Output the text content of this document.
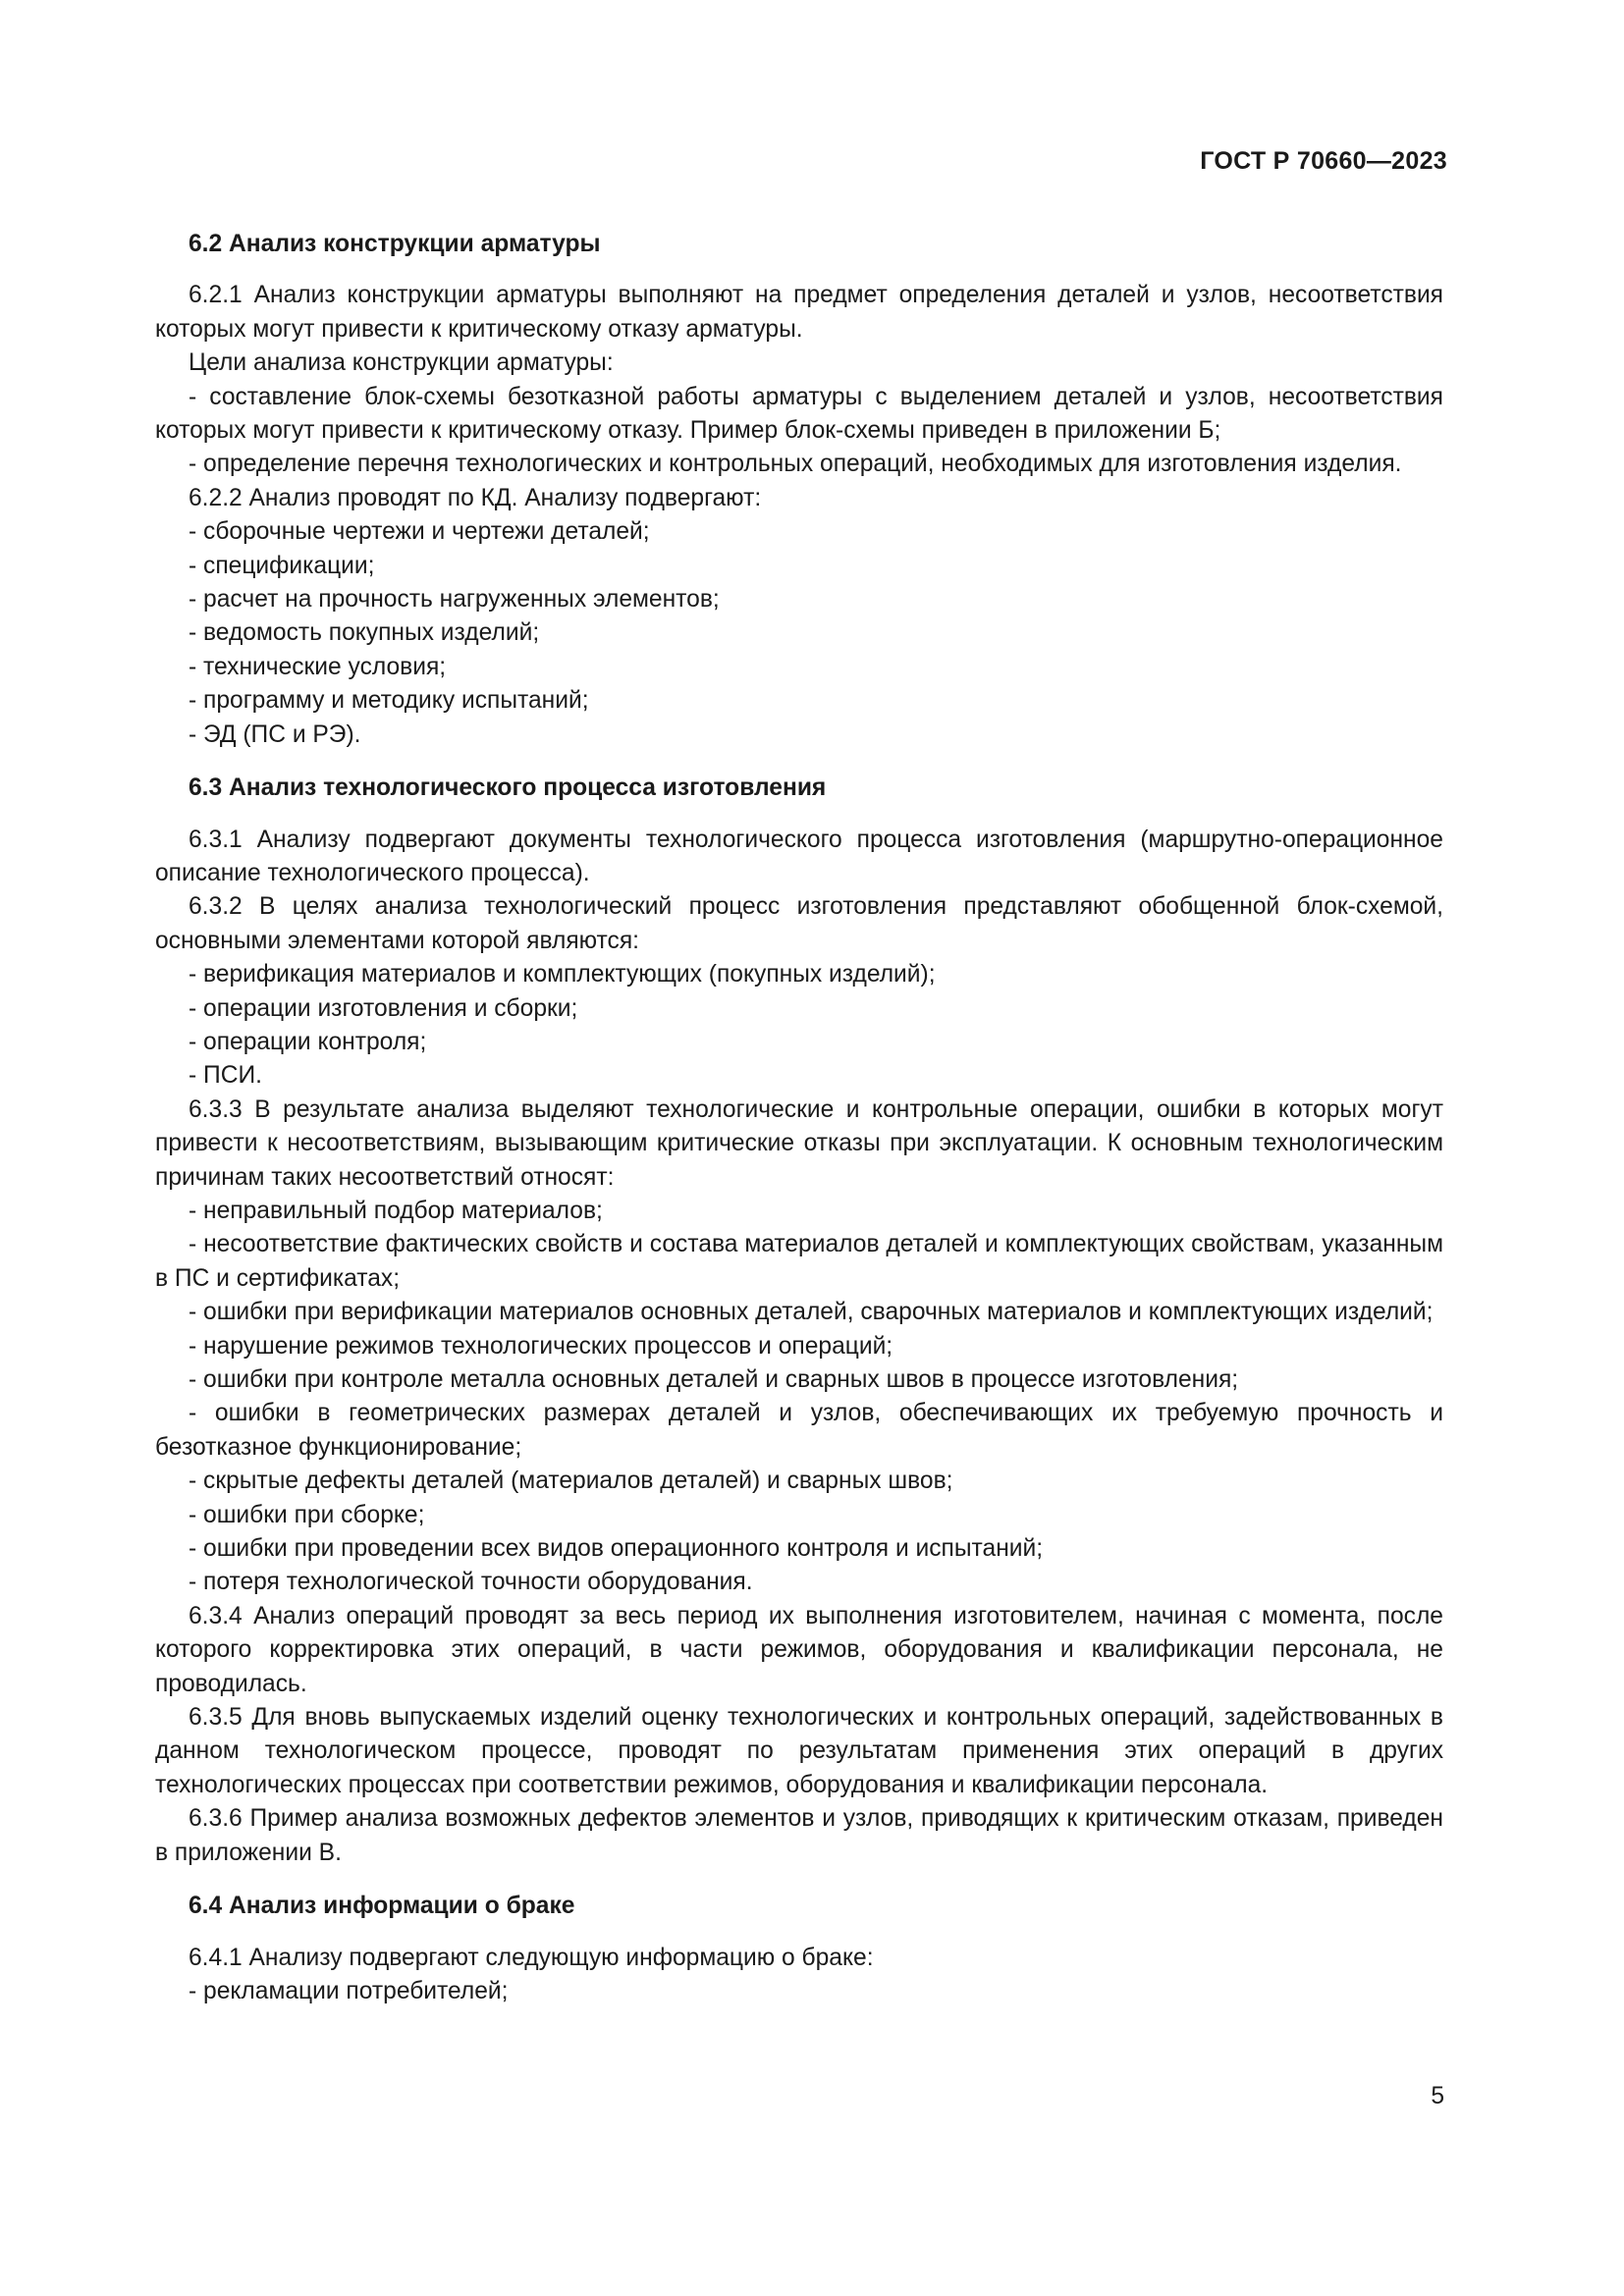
ГОСТ Р 70660—2023
6.2 Анализ конструкции арматуры

6.2.1 Анализ конструкции арматуры выполняют на предмет определения деталей и узлов, несоответствия которых могут привести к критическому отказу арматуры.

Цели анализа конструкции арматуры:

- составление блок-схемы безотказной работы арматуры с выделением деталей и узлов, несоответствия которых могут привести к критическому отказу. Пример блок-схемы приведен в приложении Б;

- определение перечня технологических и контрольных операций, необходимых для изготовления изделия.

6.2.2 Анализ проводят по КД. Анализу подвергают:

- сборочные чертежи и чертежи деталей;

- спецификации;

- расчет на прочность нагруженных элементов;

- ведомость покупных изделий;

- технические условия;

- программу и методику испытаний;

- ЭД (ПС и РЭ).

6.3 Анализ технологического процесса изготовления

6.3.1 Анализу подвергают документы технологического процесса изготовления (маршрутно-операционное описание технологического процесса).

6.3.2 В целях анализа технологический процесс изготовления представляют обобщенной блок-схемой, основными элементами которой являются:

- верификация материалов и комплектующих (покупных изделий);

- операции изготовления и сборки;

- операции контроля;

- ПСИ.

6.3.3 В результате анализа выделяют технологические и контрольные операции, ошибки в которых могут привести к несоответствиям, вызывающим критические отказы при эксплуатации. К основным технологическим причинам таких несоответствий относят:

- неправильный подбор материалов;

- несоответствие фактических свойств и состава материалов деталей и комплектующих свойствам, указанным в ПС и сертификатах;

- ошибки при верификации материалов основных деталей, сварочных материалов и комплектующих изделий;

- нарушение режимов технологических процессов и операций;

- ошибки при контроле металла основных деталей и сварных швов в процессе изготовления;

- ошибки в геометрических размерах деталей и узлов, обеспечивающих их требуемую прочность и безотказное функционирование;

- скрытые дефекты деталей (материалов деталей) и сварных швов;

- ошибки при сборке;

- ошибки при проведении всех видов операционного контроля и испытаний;

- потеря технологической точности оборудования.

6.3.4 Анализ операций проводят за весь период их выполнения изготовителем, начиная с момента, после которого корректировка этих операций, в части режимов, оборудования и квалификации персонала, не проводилась.

6.3.5 Для вновь выпускаемых изделий оценку технологических и контрольных операций, задействованных в данном технологическом процессе, проводят по результатам применения этих операций в других технологических процессах при соответствии режимов, оборудования и квалификации персонала.

6.3.6 Пример анализа возможных дефектов элементов и узлов, приводящих к критическим отказам, приведен в приложении В.

6.4 Анализ информации о браке

6.4.1 Анализу подвергают следующую информацию о браке:

- рекламации потребителей;

5
